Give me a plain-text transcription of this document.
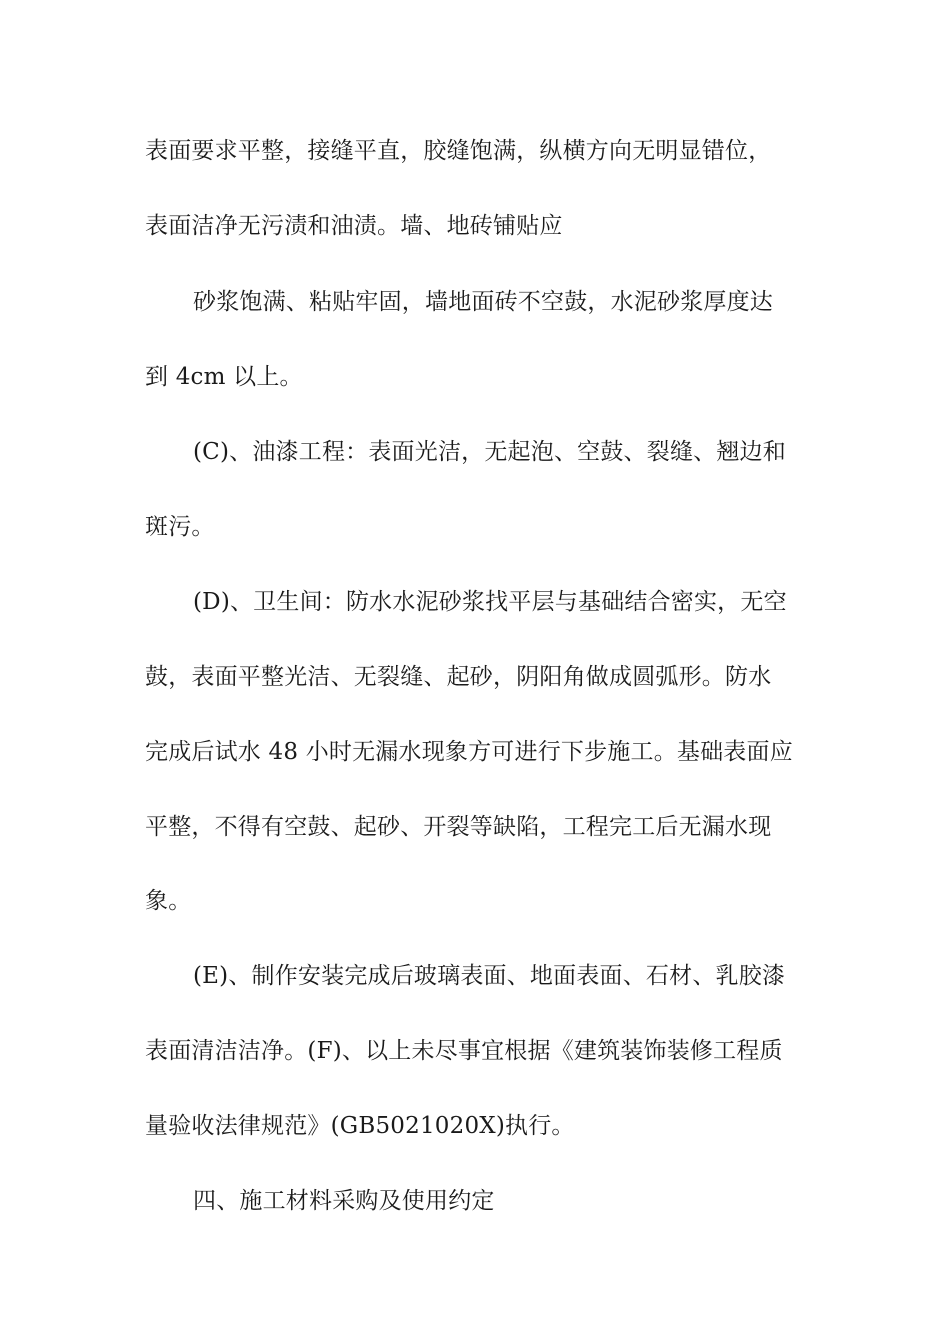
表面要求平整，接缝平直，胶缝饱满，纵横方向无明显错位，
表面洁净无污渍和油渍。墙、地砖铺贴应
砂浆饱满、粘贴牢固，墙地面砖不空鼓，水泥砂浆厚度达
到 4cm 以上。
(C)、油漆工程：表面光洁，无起泡、空鼓、裂缝、翘边和
斑污。
(D)、卫生间：防水水泥砂浆找平层与基础结合密实，无空
鼓，表面平整光洁、无裂缝、起砂，阴阳角做成圆弧形。防水
完成后试水 48 小时无漏水现象方可进行下步施工。基础表面应
平整，不得有空鼓、起砂、开裂等缺陷，工程完工后无漏水现
象。
(E)、制作安装完成后玻璃表面、地面表面、石材、乳胶漆
表面清洁洁净。(F)、以上未尽事宜根据《建筑装饰装修工程质
量验收法律规范》(GB5021020X)执行。
四、施工材料采购及使用约定
